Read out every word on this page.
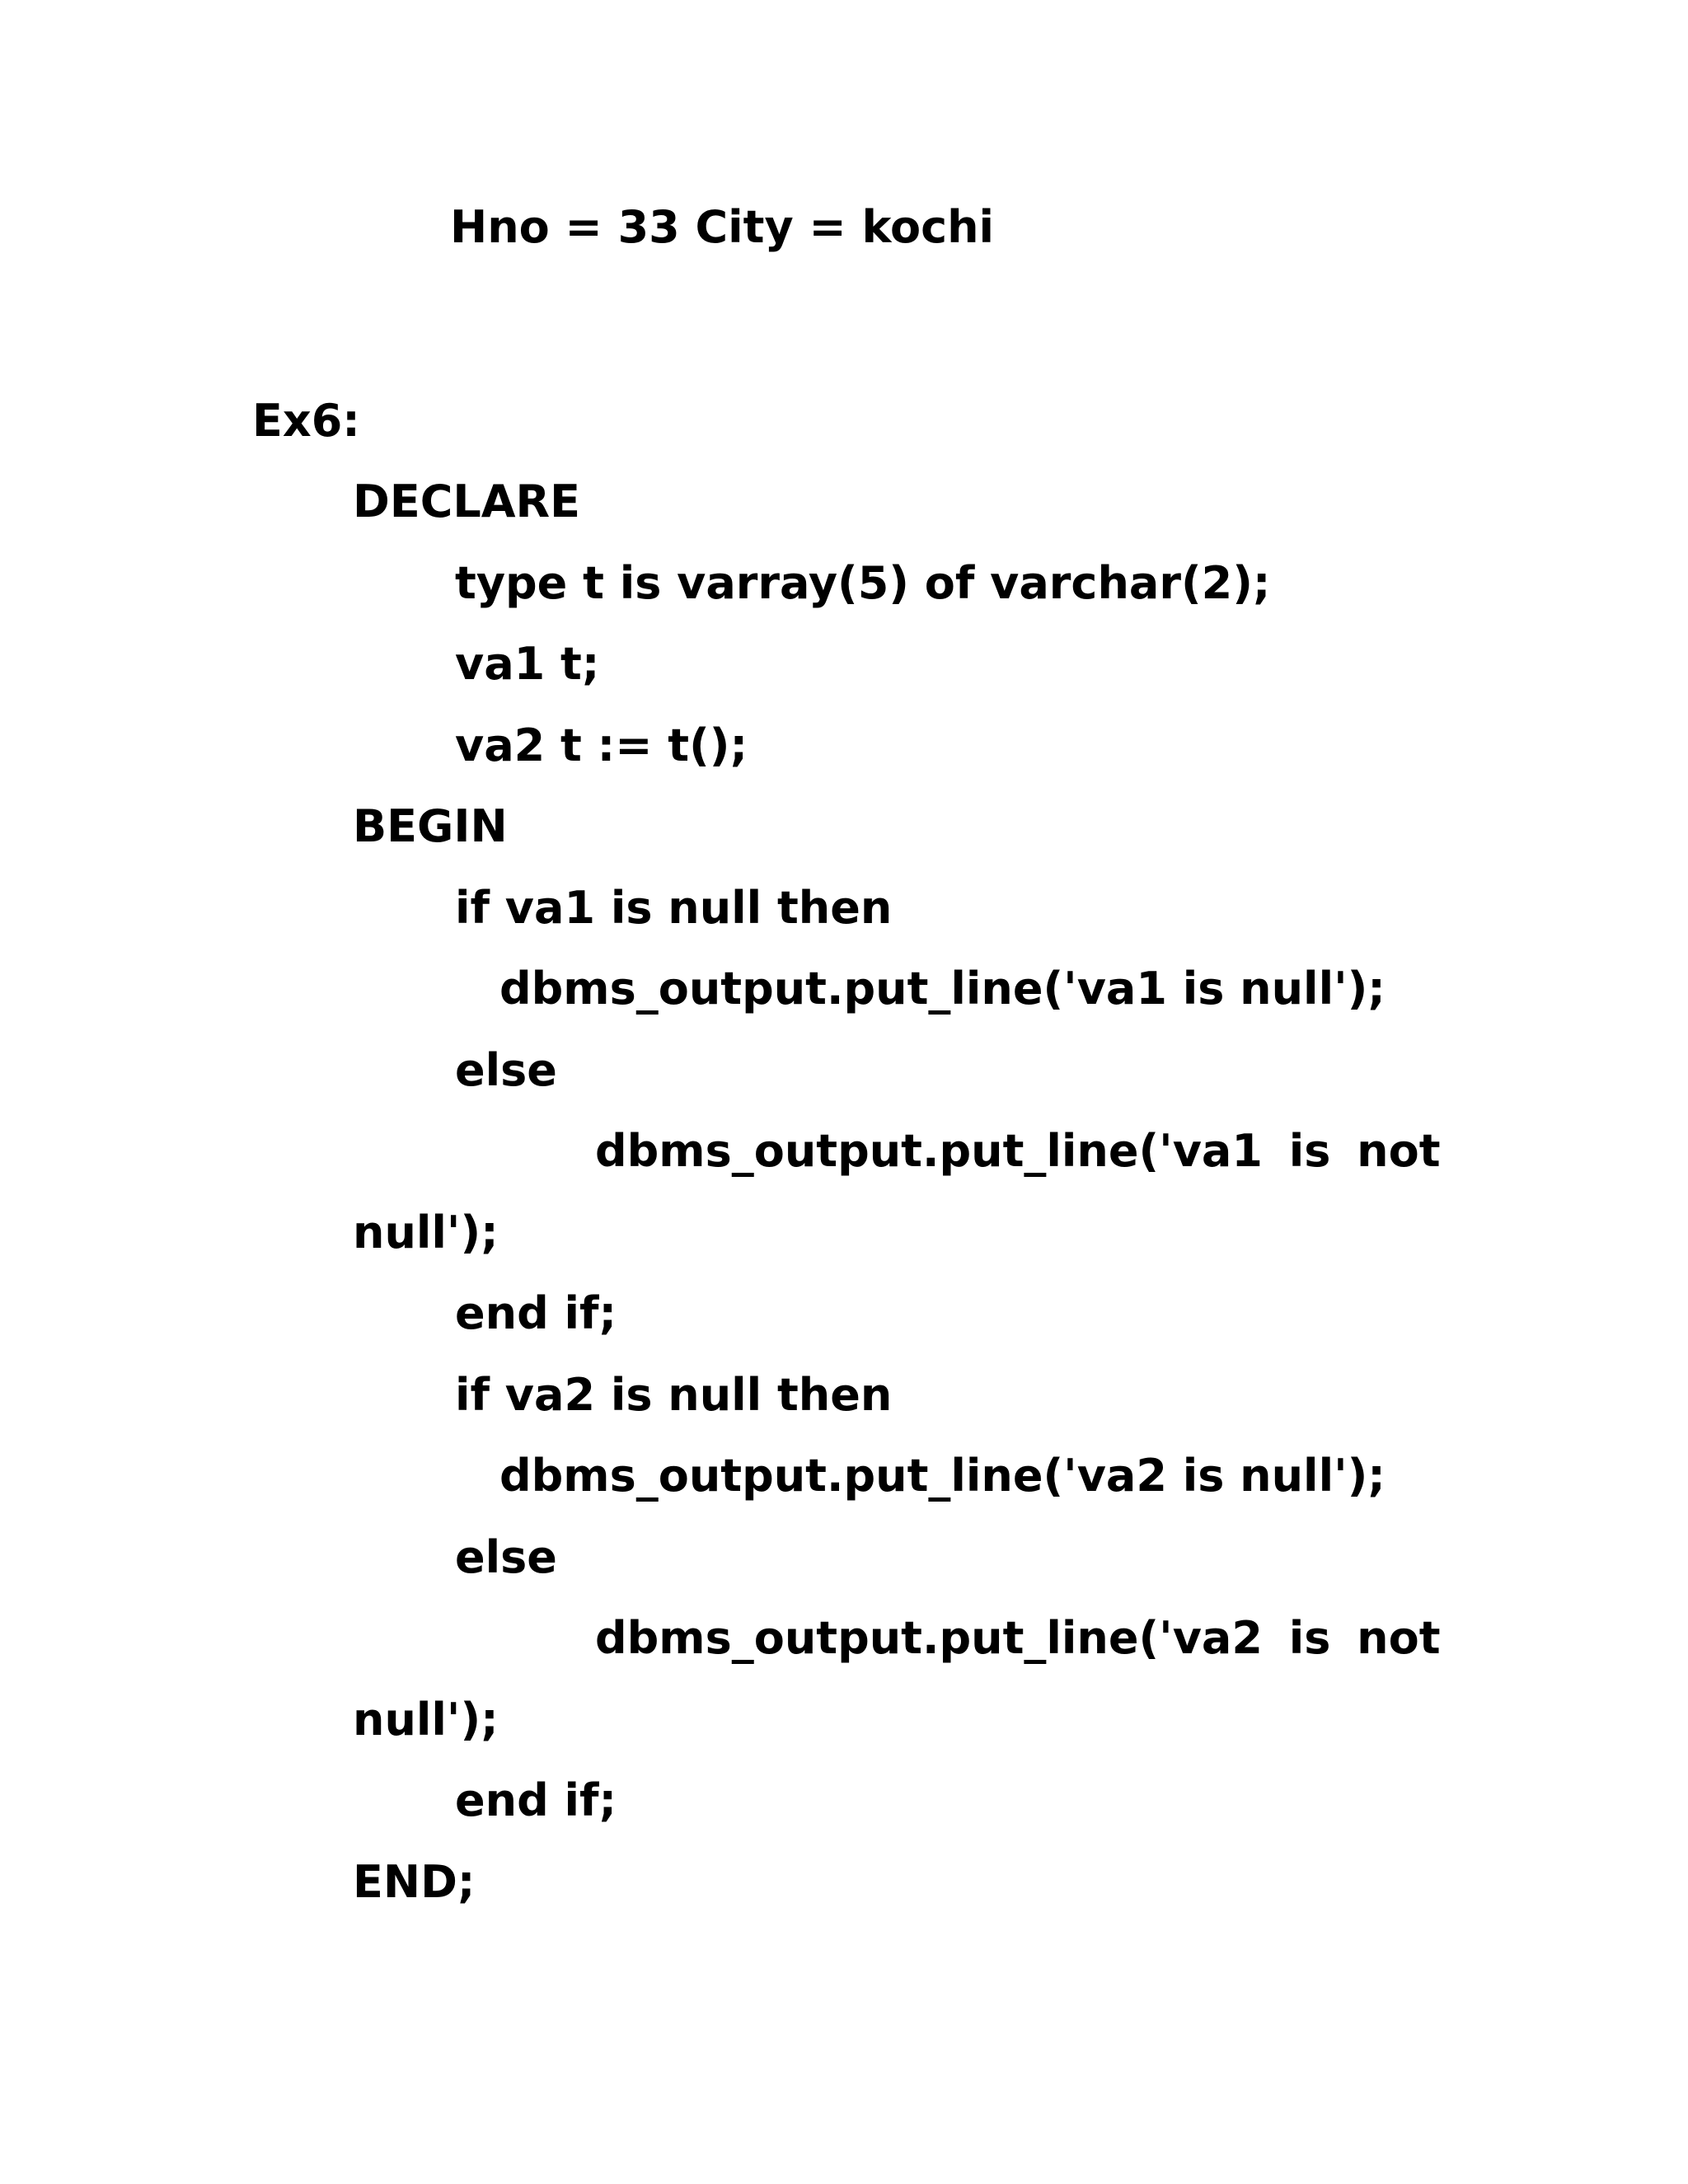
Hno = 33 City = kochi
Ex6:
DECLARE
type t is varray(5) of varchar(2);
va1 t;
va2 t := t();
BEGIN
if va1 is null then
dbms_output.put_line('va1 is null');
else
dbms_output.put_line('va1 is not
null');
end if;
if va2 is null then
dbms_output.put_line('va2 is null');
else
dbms_output.put_line('va2 is not
null');
end if;
END;
